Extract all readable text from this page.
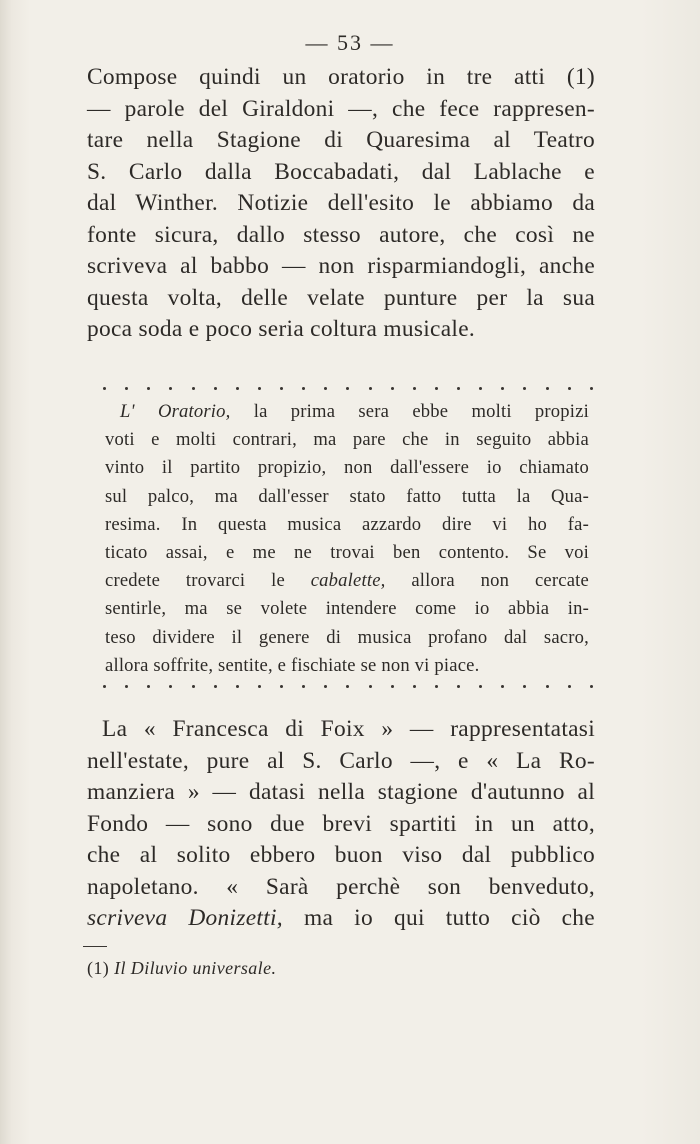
— 53 —

Compose quindi un oratorio in tre atti (1)
— parole del Giraldoni —, che fece rappresen-
tare nella Stagione di Quaresima al Teatro
S. Carlo dalla Boccabadati, dal Lablache e
dal Winther. Notizie dell'esito le abbiamo da
fonte sicura, dallo stesso autore, che così ne
scriveva al babbo — non risparmiandogli, anche
questa volta, delle velate punture per la sua
poca soda e poco seria coltura musicale.

L' Oratorio, la prima sera ebbe molti propizi
voti e molti contrari, ma pare che in seguito abbia
vinto il partito propizio, non dall'essere io chiamato
sul palco, ma dall'esser stato fatto tutta la Qua-
resima. In questa musica azzardo dire vi ho fa-
ticato assai, e me ne trovai ben contento. Se voi
credete trovarci le cabalette, allora non cercate
sentirle, ma se volete intendere come io abbia in-
teso dividere il genere di musica profano dal sacro,
allora soffrite, sentite, e fischiate se non vi piace.

La « Francesca di Foix » — rappresentatasi
nell'estate, pure al S. Carlo —, e « La Ro-
manziera » — datasi nella stagione d'autunno al
Fondo — sono due brevi spartiti in un atto,
che al solito ebbero buon viso dal pubblico
napoletano. « Sarà perchè son benveduto,
scriveva Donizetti, ma io qui tutto ciò che

(1) Il Diluvio universale.
